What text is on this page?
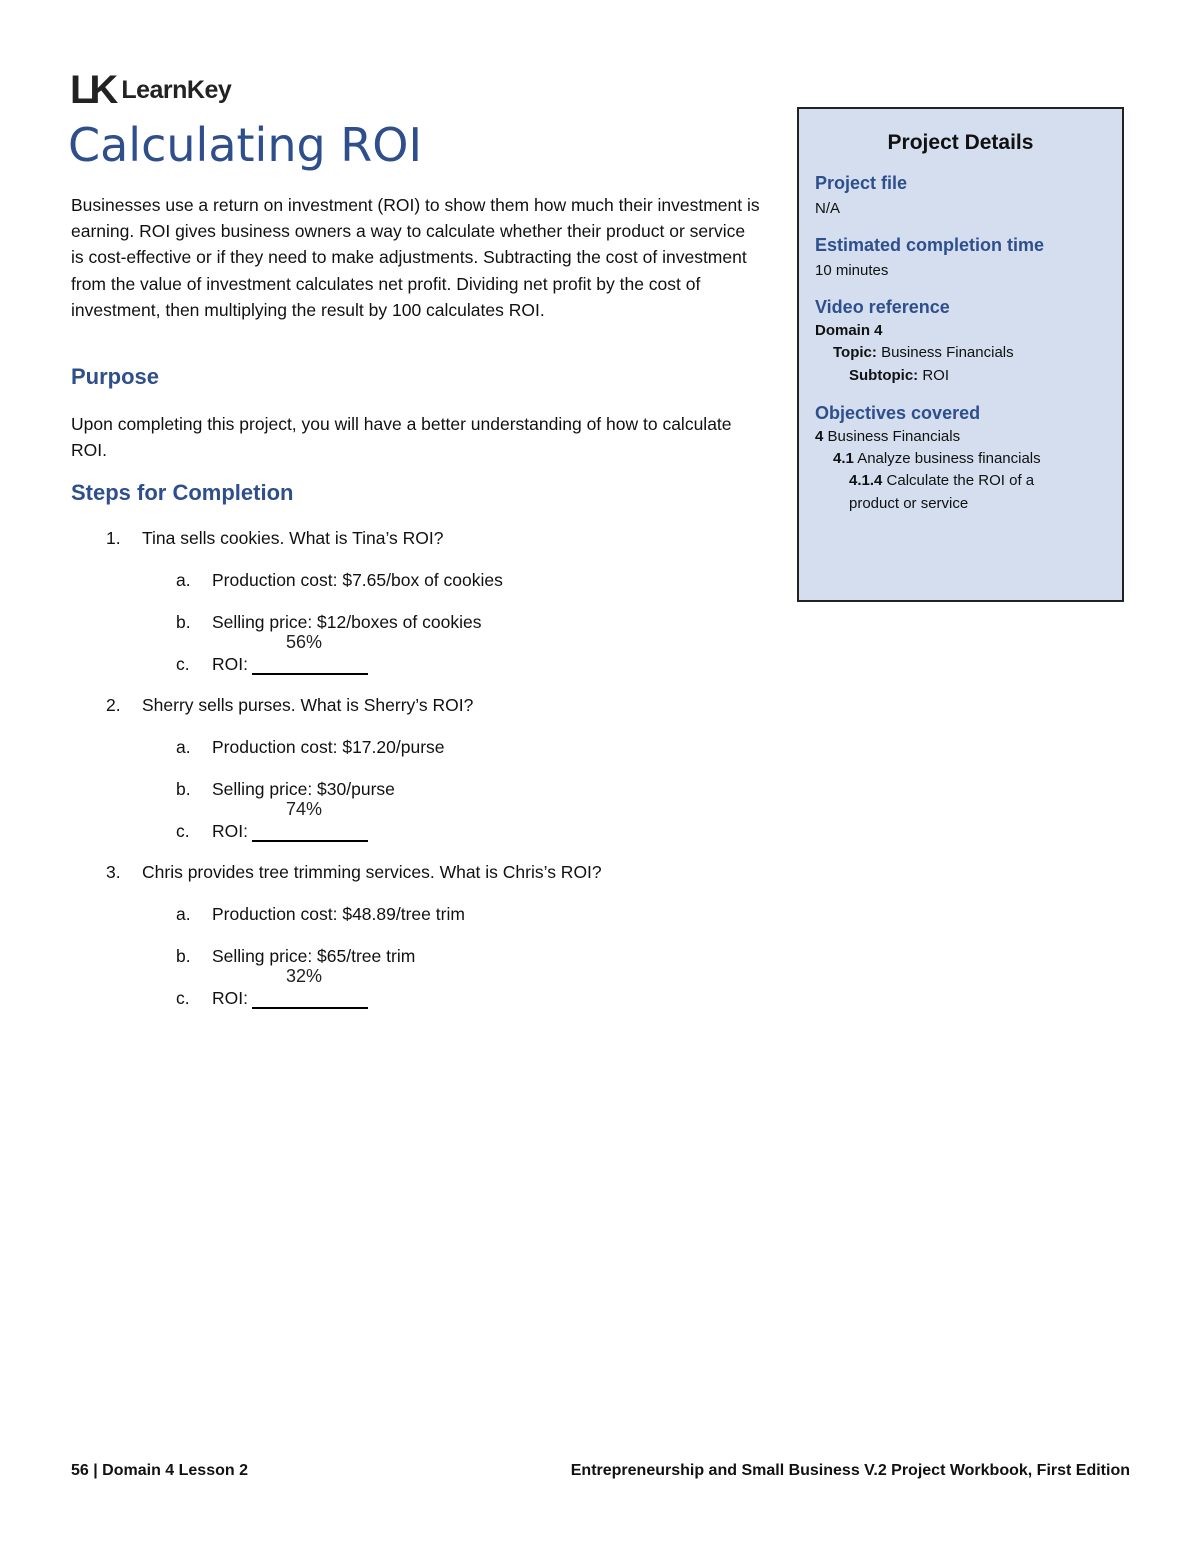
LK LearnKey
Calculating ROI

Businesses use a return on investment (ROI) to show them how much their investment is earning. ROI gives business owners a way to calculate whether their product or service is cost-effective or if they need to make adjustments. Subtracting the cost of investment from the value of investment calculates net profit. Dividing net profit by the cost of investment, then multiplying the result by 100 calculates ROI.

Purpose

Upon completing this project, you will have a better understanding of how to calculate ROI.

Steps for Completion
1. Tina sells cookies. What is Tina’s ROI?
a. Production cost: $7.65/box of cookies
b. Selling price: $12/boxes of cookies
c. ROI:
56%
2. Sherry sells purses. What is Sherry’s ROI?
a. Production cost: $17.20/purse
b. Selling price: $30/purse
c. ROI:
74%
3. Chris provides tree trimming services. What is Chris’s ROI?
a. Production cost: $48.89/tree trim
b. Selling price: $65/tree trim
c. ROI:
32%
Project Details
Project file
N/A
Estimated completion time
10 minutes
Video reference
Domain 4
Topic: Business Financials
Subtopic: ROI
Objectives covered
4 Business Financials
4.1 Analyze business financials
4.1.4 Calculate the ROI of a
product or service
56 | Domain 4 Lesson 2	Entrepreneurship and Small Business V.2 Project Workbook, First Edition
